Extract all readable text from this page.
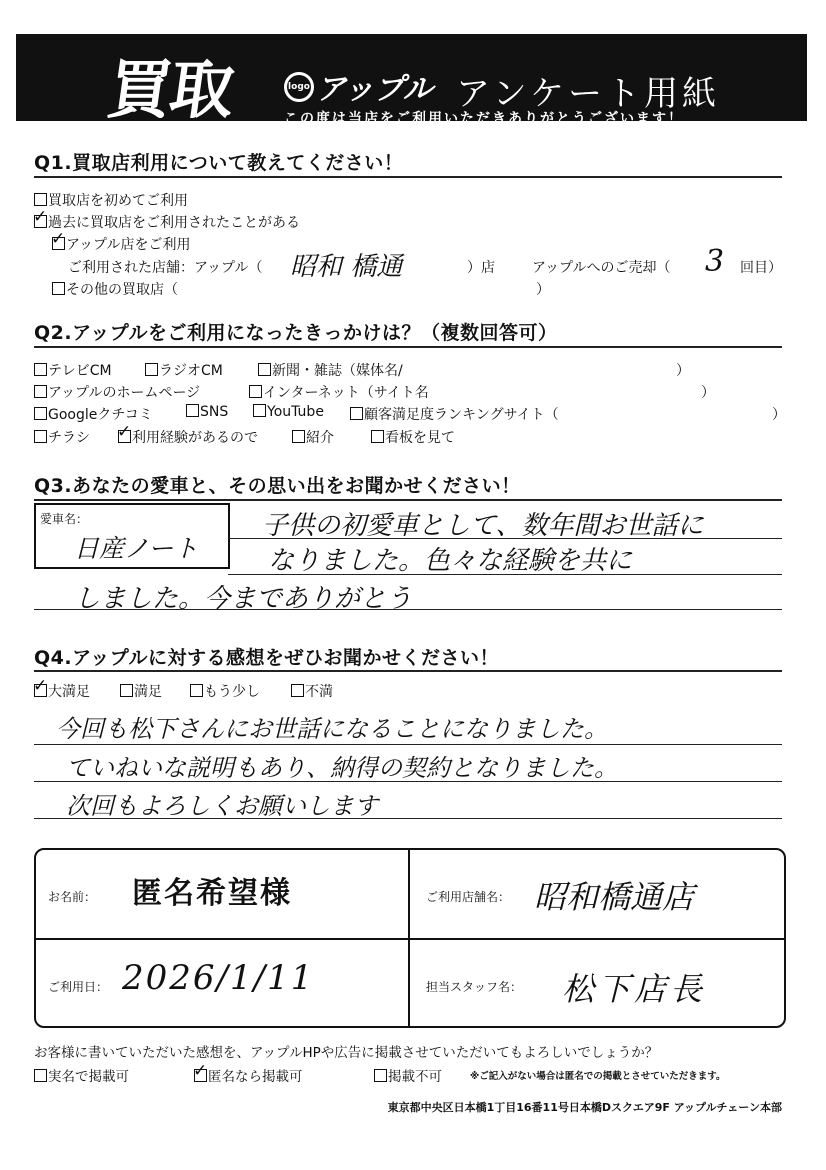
買取	logo アップル アンケート用紙
この度は当店をご利用いただきありがとうございます！
Q1.買取店利用について教えてください！
買取店を初めてご利用
✓過去に買取店をご利用されたことがある
✓アップル店をご利用
ご利用された店舗：アップル（ 昭和 橋通	）店	アップルへのご売却（ 3 回目）
その他の買取店（	）
Q2.アップルをご利用になったきっかけは？（複数回答可）
テレビCM	ラジオCM	新聞・雑誌（媒体名/	）
アップルのホームページ	インターネット（サイト名	）
Googleクチコミ	SNS	YouTube	顧客満足度ランキングサイト（	）
チラシ ✓	利用経験があるので	紹介	看板を見て
Q3.あなたの愛車と、その思い出をお聞かせください！
愛車名：
日産ノート
子供の初愛車として、数年間お世話に
なりました。色々な経験を共に
しました。今までありがとう
Q4.アップルに対する感想をぜひお聞かせください！
✓大満足	満足	もう少し	不満
今回も松下さんにお世話になることになりました。
ていねいな説明もあり、納得の契約となりました。
次回もよろしくお願いします
お名前： 匿名希望様	ご利用店舗名： 昭和橋通店
ご利用日： 2026/1/11	担当スタッフ名： 松下店長
お客様に書いていただいた感想を、アップルHPや広告に掲載させていただいてもよろしいでしょうか？
実名で掲載可 ✓	匿名なら掲載可	掲載不可	※ご記入がない場合は匿名での掲載とさせていただきます。
東京都中央区日本橋1丁目16番11号日本橋Dスクエア9F アップルチェーン本部
